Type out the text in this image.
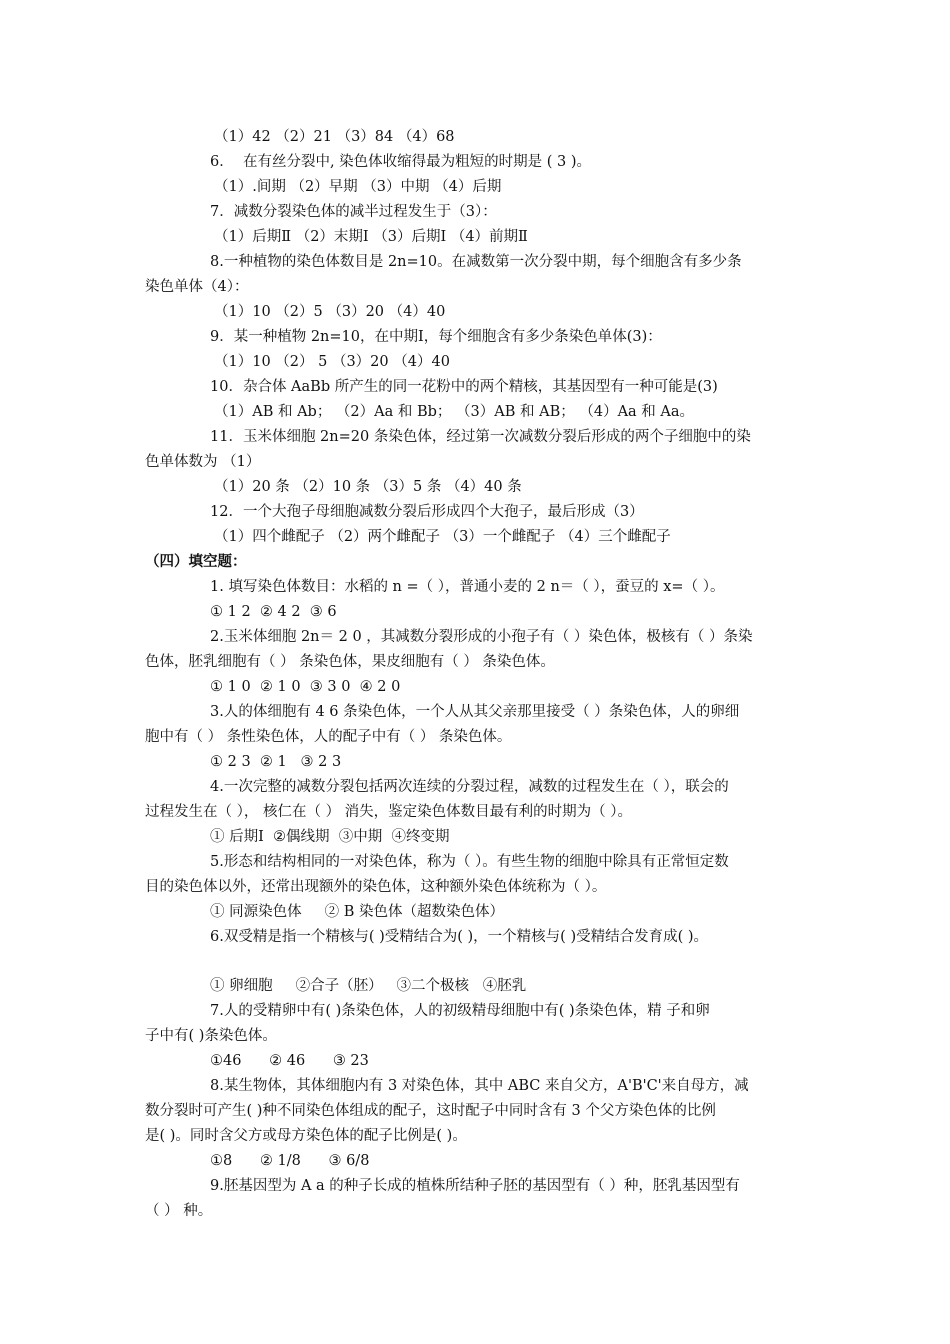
（1）42 （2）21 （3）84 （4）68
6．  在有丝分裂中, 染色体收缩得最为粗短的时期是 ( 3 )。
（1）.间期 （2）早期 （3）中期 （4）后期
7．减数分裂染色体的减半过程发生于（3）：
（1）后期Ⅱ （2）末期Ⅰ （3）后期Ⅰ （4）前期Ⅱ
8.一种植物的染色体数目是 2n=10。在减数第一次分裂中期，每个细胞含有多少条
染色单体（4）：
（1）10 （2）5 （3）20 （4）40
9．某一种植物 2n=10，在中期Ⅰ，每个细胞含有多少条染色单体(3)：
（1）10 （2） 5 （3）20 （4）40
10．杂合体 AaBb 所产生的同一花粉中的两个精核，其基因型有一种可能是(3)
（1）AB 和 Ab； （2）Aa 和 Bb； （3）AB 和 AB； （4）Aa 和 Aa。
11．玉米体细胞 2n=20 条染色体，经过第一次减数分裂后形成的两个子细胞中的染
色单体数为 （1）
（1）20 条 （2）10 条 （3）5 条 （4）40 条
12．一个大孢子母细胞减数分裂后形成四个大孢子，最后形成（3）
（1）四个雌配子 （2）两个雌配子 （3）一个雌配子 （4）三个雌配子
（四）填空题：
1. 填写染色体数目：水稻的 n =（ ），普通小麦的 2 n＝（ ），蚕豆的 x=（ ）。
① 1 2  ② 4 2  ③ 6
2.玉米体细胞 2n＝ 2 0 ，其减数分裂形成的小孢子有（ ）染色体，极核有（ ）条染
色体，胚乳细胞有（ ） 条染色体，果皮细胞有（ ） 条染色体。
① 1 0  ② 1 0  ③ 3 0  ④ 2 0
3.人的体细胞有 4 6 条染色体，一个人从其父亲那里接受（ ）条染色体，人的卵细
胞中有（ ） 条性染色体，人的配子中有（ ） 条染色体。
① 2 3  ② 1   ③ 2 3
4.一次完整的减数分裂包括两次连续的分裂过程，减数的过程发生在（ ），联会的
过程发生在（ ）， 核仁在（ ） 消失，鉴定染色体数目最有利的时期为（ ）。
① 后期Ⅰ  ②偶线期  ③中期  ④终变期
5.形态和结构相同的一对染色体，称为（ ）。有些生物的细胞中除具有正常恒定数
目的染色体以外，还常出现额外的染色体，这种额外染色体统称为（ ）。
① 同源染色体     ② B 染色体（超数染色体）
6.双受精是指一个精核与( )受精结合为( )，一个精核与( )受精结合发育成( )。
① 卵细胞     ②合子（胚）   ③二个极核   ④胚乳
7.人的受精卵中有( )条染色体，人的初级精母细胞中有( )条染色体，精 子和卵
子中有( )条染色体。
①46      ② 46      ③ 23
8.某生物体，其体细胞内有 3 对染色体，其中 ABC 来自父方，A'B'C'来自母方，减
数分裂时可产生( )种不同染色体组成的配子，这时配子中同时含有 3 个父方染色体的比例
是( )。同时含父方或母方染色体的配子比例是( )。
①8      ② 1/8      ③ 6/8
9.胚基因型为 A a 的种子长成的植株所结种子胚的基因型有（ ）种，胚乳基因型有
（ ） 种。
